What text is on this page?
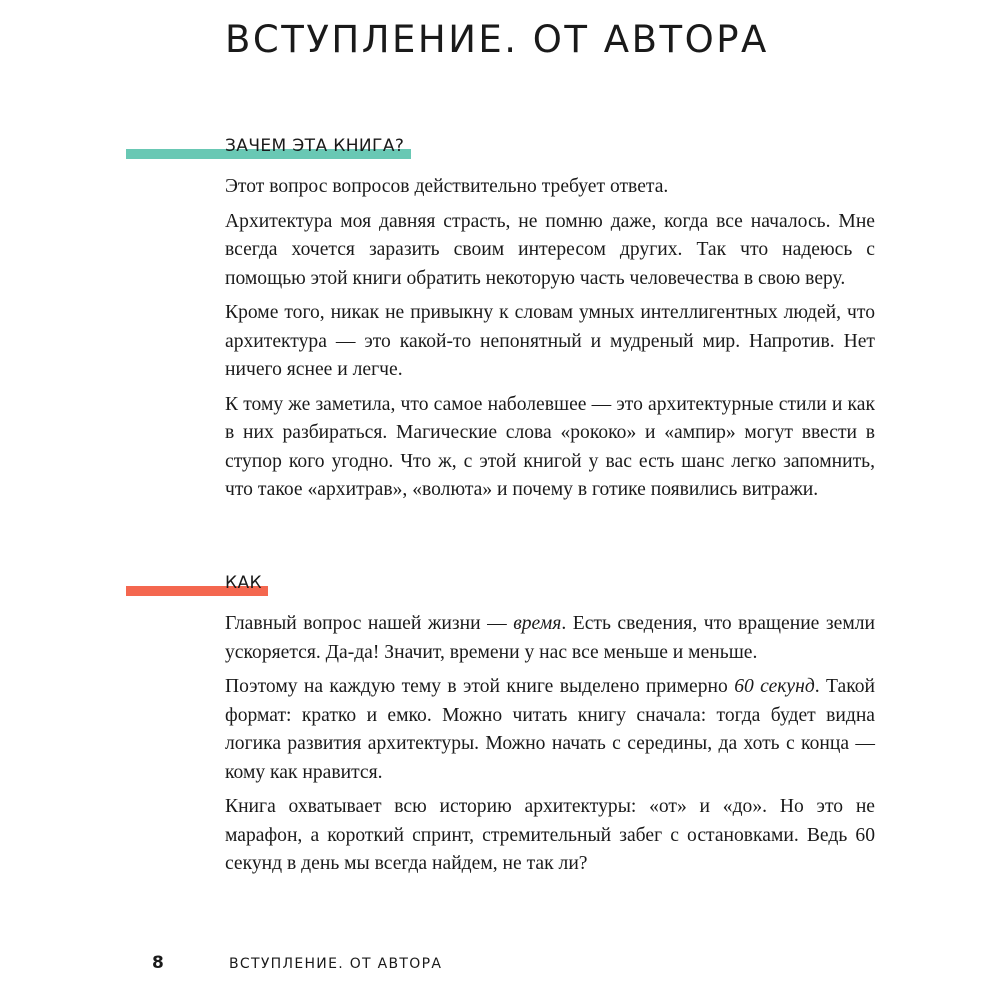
ВСТУПЛЕНИЕ. ОТ АВТОРА
ЗАЧЕМ ЭТА КНИГА?

Этот вопрос вопросов действительно требует ответа.

Архитектура моя давняя страсть, не помню даже, когда все началось. Мне всегда хочется заразить своим интересом других. Так что надеюсь с помощью этой книги обратить некоторую часть человечества в свою веру.

Кроме того, никак не привыкну к словам умных интеллигентных людей, что архитектура — это какой-то непонятный и мудреный мир. Напротив. Нет ничего яснее и легче.

К тому же заметила, что самое наболевшее — это архитектурные стили и как в них разбираться. Магические слова «рококо» и «ампир» могут ввести в ступор кого угодно. Что ж, с этой книгой у вас есть шанс легко запомнить, что такое «архитрав», «волюта» и почему в готике появились витражи.

КАК

Главный вопрос нашей жизни — время. Есть сведения, что вращение земли ускоряется. Да-да! Значит, времени у нас все меньше и меньше.

Поэтому на каждую тему в этой книге выделено примерно 60 секунд. Такой формат: кратко и емко. Можно читать книгу сначала: тогда будет видна логика развития архитектуры. Можно начать с середины, да хоть с конца — кому как нравится.

Книга охватывает всю историю архитектуры: «от» и «до». Но это не марафон, а короткий спринт, стремительный забег с остановками. Ведь 60 секунд в день мы всегда найдем, не так ли?

8	ВСТУПЛЕНИЕ. ОТ АВТОРА
